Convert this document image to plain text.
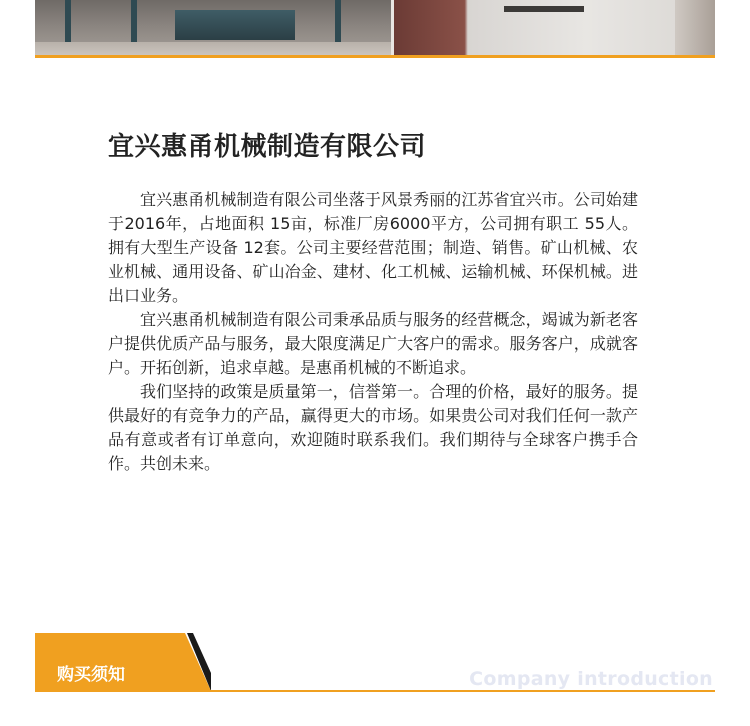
宜兴惠甬机械制造有限公司

宜兴惠甬机械制造有限公司坐落于风景秀丽的江苏省宜兴市。公司始建于2016年，占地面积 15亩，标准厂房6000平方，公司拥有职工 55人。拥有大型生产设备 12套。公司主要经营范围；制造、销售。矿山机械、农业机械、通用设备、矿山冶金、建材、化工机械、运输机械、环保机械。进出口业务。

宜兴惠甬机械制造有限公司秉承品质与服务的经营概念，竭诚为新老客户提供优质产品与服务，最大限度满足广大客户的需求。服务客户，成就客户。开拓创新，追求卓越。是惠甬机械的不断追求。

我们坚持的政策是质量第一，信誉第一。合理的价格，最好的服务。提供最好的有竞争力的产品，赢得更大的市场。如果贵公司对我们任何一款产品有意或者有订单意向，欢迎随时联系我们。我们期待与全球客户携手合作。共创未来。

购买须知	Company introduction
